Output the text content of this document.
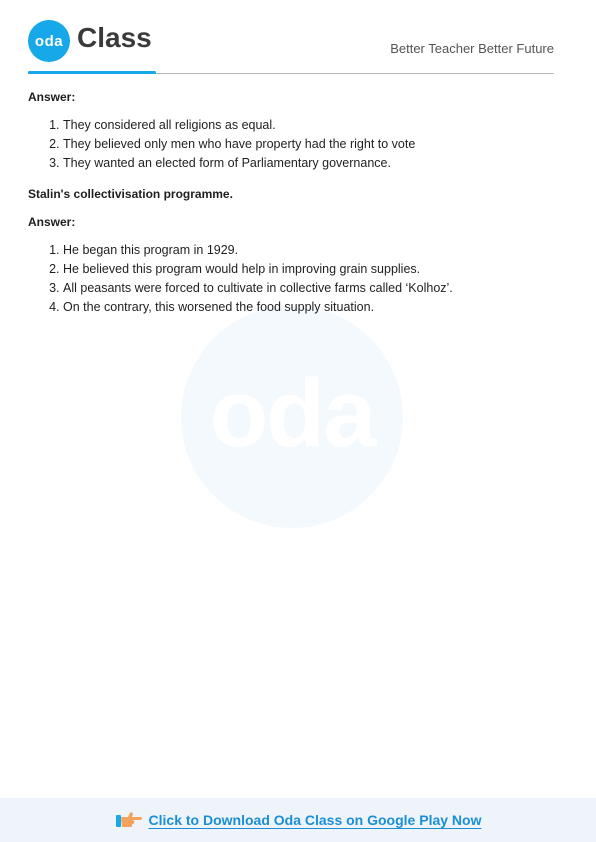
oda Class	Better Teacher Better Future
oda

Answer:

1. They considered all religions as equal.
2. They believed only men who have property had the right to vote
3. They wanted an elected form of Parliamentary governance.

Stalin's collectivisation programme.

Answer:

1. He began this program in 1929.
2. He believed this program would help in improving grain supplies.
3. All peasants were forced to cultivate in collective farms called ‘Kolhoz’.
4. On the contrary, this worsened the food supply situation.
Click to Download Oda Class on Google Play Now
